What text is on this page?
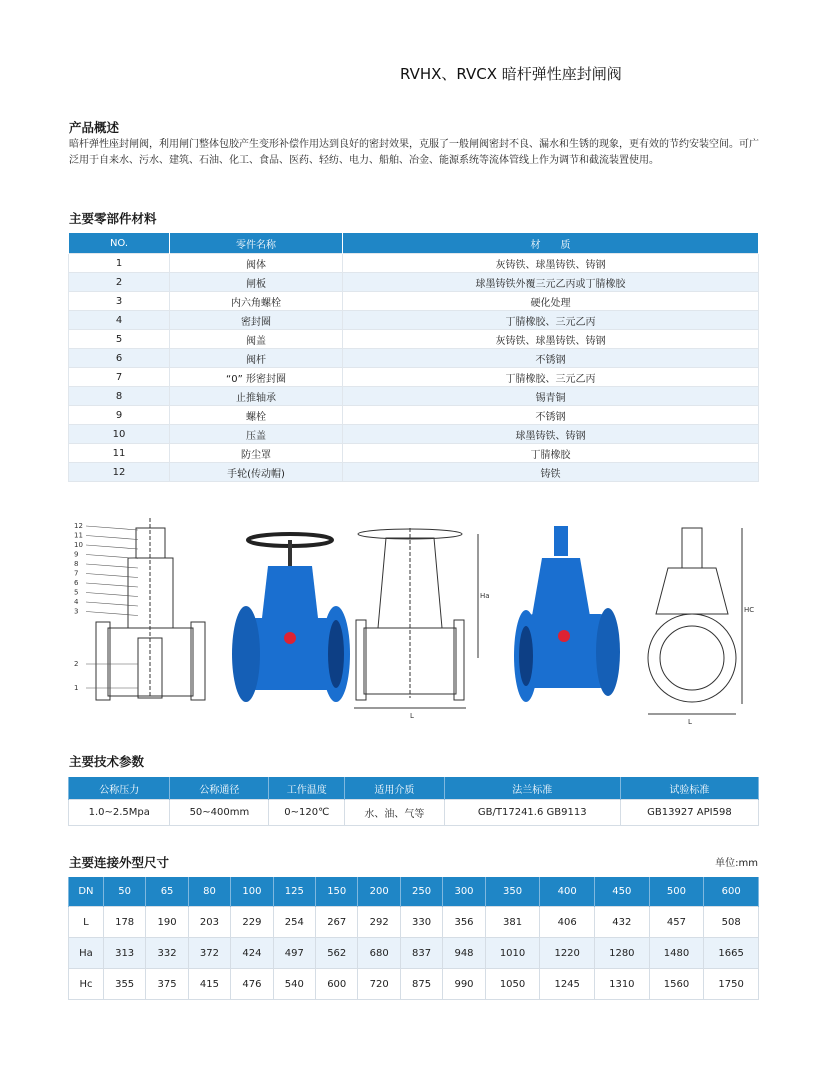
RVHX、RVCX 暗杆弹性座封闸阀
产品概述
暗杆弹性座封闸阀，利用闸门整体包胶产生变形补偿作用达到良好的密封效果，克服了一般闸阀密封不良、漏水和生锈的现象，更有效的节约安装空间。可广泛用于自来水、污水、建筑、石油、化工、食品、医药、轻纺、电力、船舶、冶金、能源系统等流体管线上作为调节和截流装置使用。
主要零部件材料
NO.	零件名称	材　　质
1	阀体	灰铸铁、球墨铸铁、铸钢
2	闸板	球墨铸铁外覆三元乙丙或丁腈橡胶
3	内六角螺栓	硬化处理
4	密封圈	丁腈橡胶、三元乙丙
5	阀盖	灰铸铁、球墨铸铁、铸钢
6	阀杆	不锈钢
7	“0” 形密封圈	丁腈橡胶、三元乙丙
8	止推轴承	锡青铜
9	螺栓	不锈钢
10	压盖	球墨铸铁、铸钢
11	防尘罩	丁腈橡胶
12	手轮(传动帽)	铸铁
12
11
10
9
8
7
6
5
4
3
2
1
Ha
L
HC
L
主要技术参数
公称压力	公称通径	工作温度	适用介质	法兰标准	试验标准
1.0~2.5Mpa	50~400mm	0~120℃	水、油、气等	GB/T17241.6 GB9113	GB13927 API598
主要连接外型尺寸	单位:mm
DN	50	65	80	100	125	150	200	250	300	350	400	450	500	600
L	178	190	203	229	254	267	292	330	356	381	406	432	457	508
Ha	313	332	372	424	497	562	680	837	948	1010	1220	1280	1480	1665
Hc	355	375	415	476	540	600	720	875	990	1050	1245	1310	1560	1750
